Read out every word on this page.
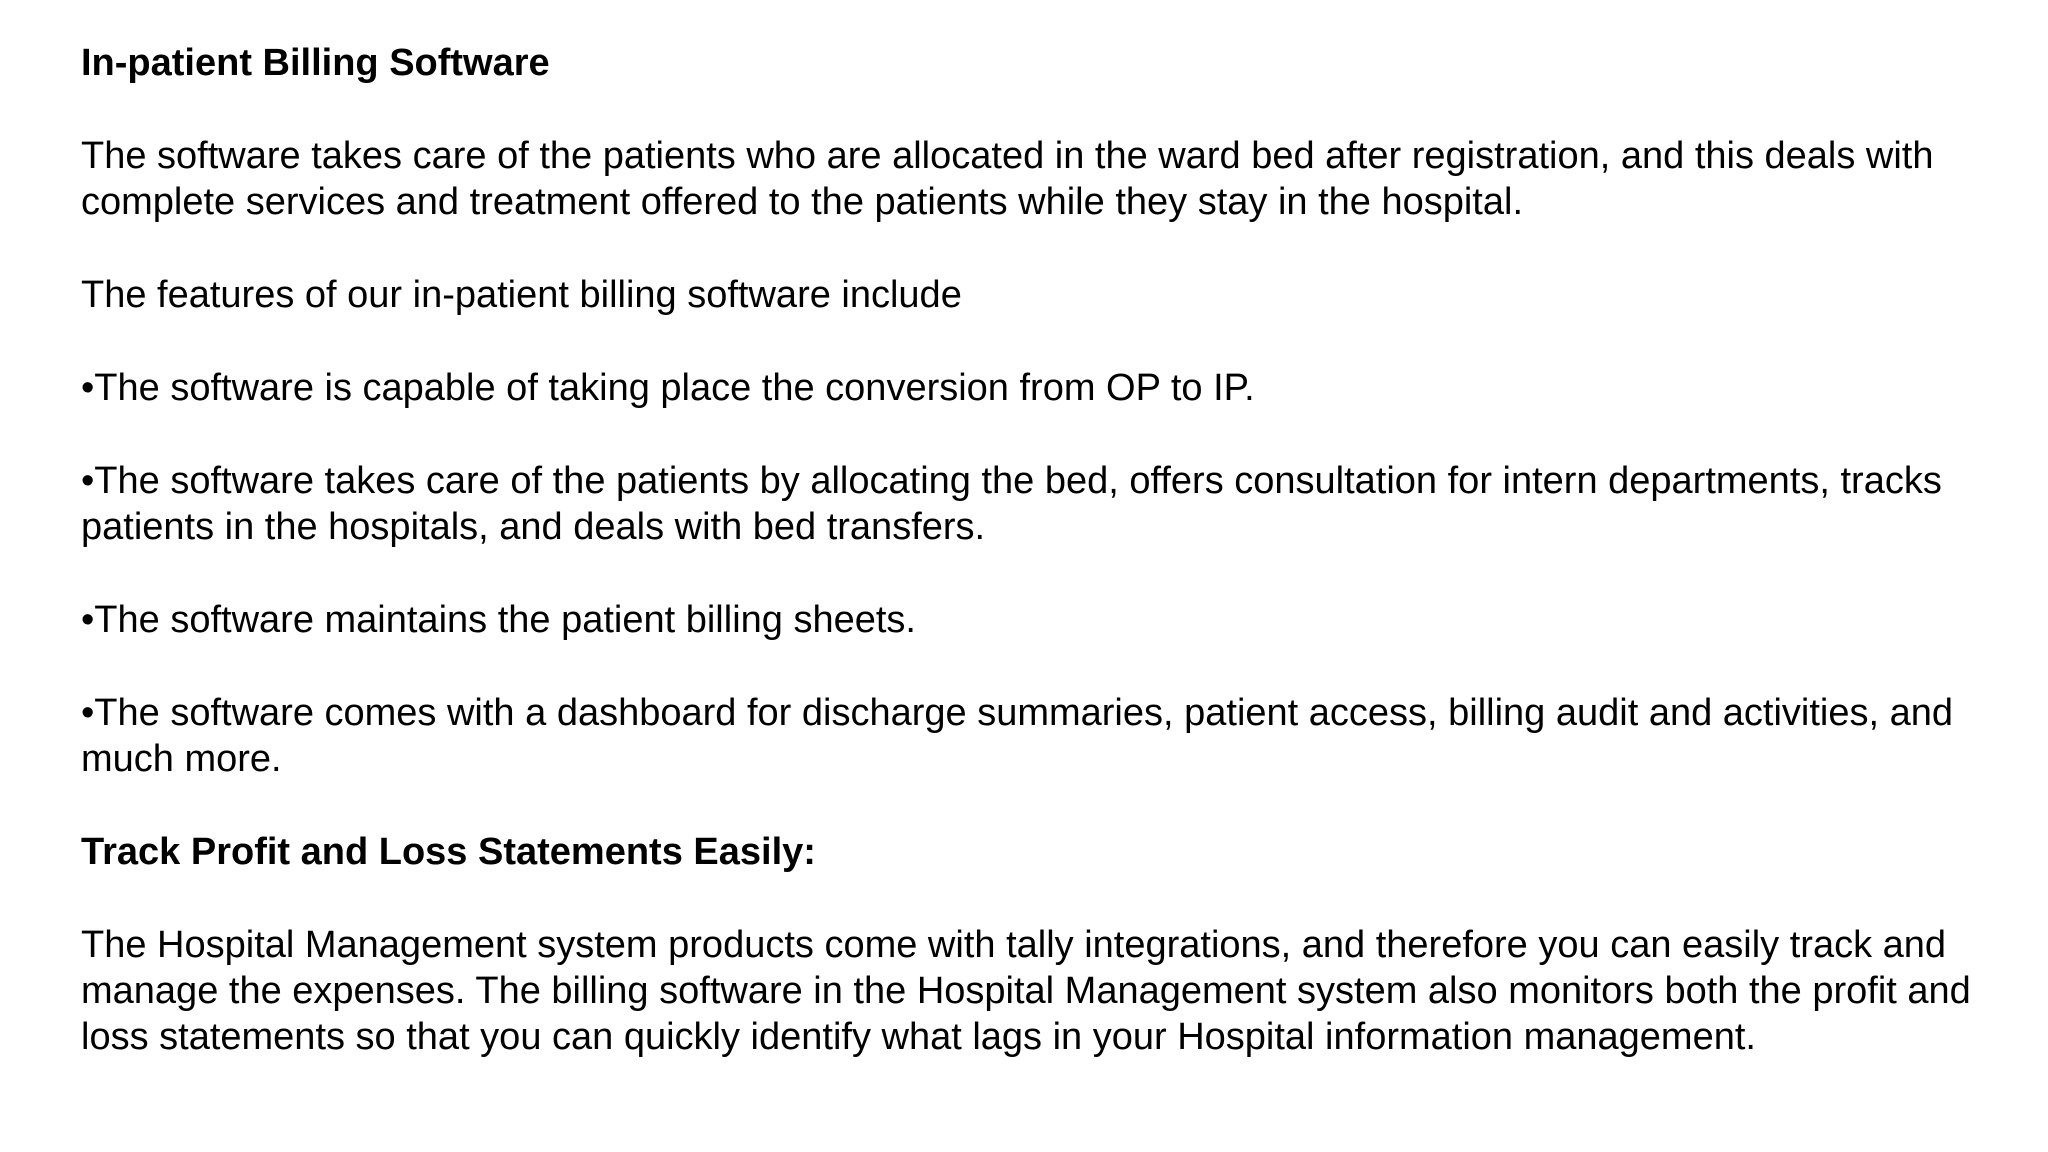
In-patient Billing Software

The software takes care of the patients who are allocated in the ward bed after registration, and this deals with complete services and treatment offered to the patients while they stay in the hospital.

The features of our in-patient billing software include

•The software is capable of taking place the conversion from OP to IP.

•The software takes care of the patients by allocating the bed, offers consultation for intern departments, tracks patients in the hospitals, and deals with bed transfers.

•The software maintains the patient billing sheets.

•The software comes with a dashboard for discharge summaries, patient access, billing audit and activities, and much more.

Track Profit and Loss Statements Easily:

The Hospital Management system products come with tally integrations, and therefore you can easily track and manage the expenses. The billing software in the Hospital Management system also monitors both the profit and loss statements so that you can quickly identify what lags in your Hospital information management.
